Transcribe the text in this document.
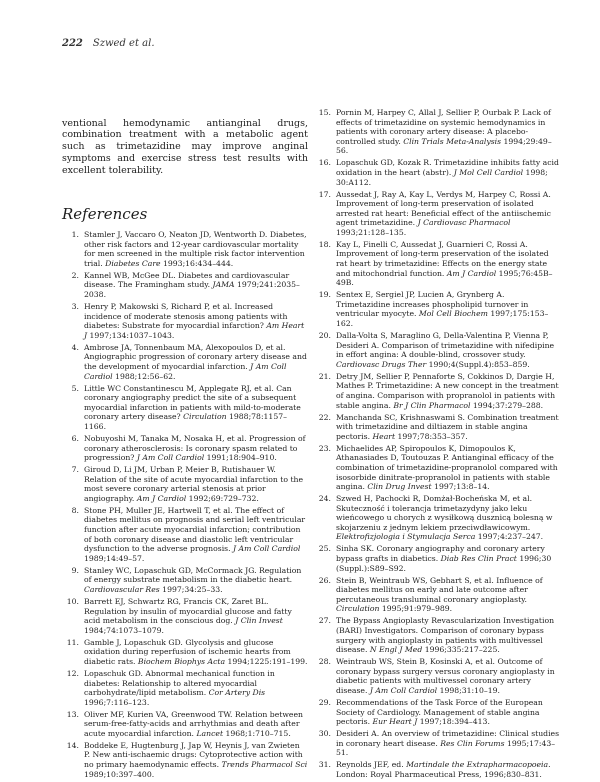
222 Szwed et al.

ventional hemodynamic antianginal drugs, combination treatment with a metabolic agent such as trimetazidine may improve anginal symptoms and exercise stress test results with excellent tolerability.

References
1. Stamler J, Vaccaro O, Neaton JD, Wentworth D. Diabetes, other risk factors and 12-year cardiovascular mortality for men screened in the multiple risk factor intervention trial. Diabetes Care 1993;16:434–444.
2. Kannel WB, McGee DL. Diabetes and cardiovascular disease. The Framingham study. JAMA 1979;241:2035–2038.
3. Henry P, Makowski S, Richard P, et al. Increased incidence of moderate stenosis among patients with diabetes: Substrate for myocardial infarction? Am Heart J 1997;134:1037–1043.
4. Ambrose JA, Tonnenbaum MA, Alexopoulos D, et al. Angiographic progression of coronary artery disease and the development of myocardial infarction. J Am Coll Cardiol 1988;12:56–62.
5. Little WC Constantinescu M, Applegate RJ, et al. Can coronary angiography predict the site of a subsequent myocardial infarction in patients with mild-to-moderate coronary artery disease? Circulation 1988;78:1157–1166.
6. Nobuyoshi M, Tanaka M, Nosaka H, et al. Progression of coronary atherosclerosis: Is coronary spasm related to progression? J Am Coll Cardiol 1991;18:904–910.
7. Giroud D, Li JM, Urban P, Meier B, Rutishauer W. Relation of the site of acute myocardial infarction to the most severe coronary arterial stenosis at prior angiography. Am J Cardiol 1992;69:729–732.
8. Stone PH, Muller JE, Hartwell T, et al. The effect of diabetes mellitus on prognosis and serial left ventricular function after acute myocardial infarction; contribution of both coronary disease and diastolic left ventricular dysfunction to the adverse prognosis. J Am Coll Cardiol 1989;14:49–57.
9. Stanley WC, Lopaschuk GD, McCormack JG. Regulation of energy substrate metabolism in the diabetic heart. Cardiovascular Res 1997;34:25–33.
10. Barrett EJ, Schwartz RG, Francis CK, Zaret BL. Regulation by insulin of myocardial glucose and fatty acid metabolism in the conscious dog. J Clin Invest 1984;74:1073–1079.
11. Gamble J, Lopaschuk GD. Glycolysis and glucose oxidation during reperfusion of ischemic hearts from diabetic rats. Biochem Biophys Acta 1994;1225:191–199.
12. Lopaschuk GD. Abnormal mechanical function in diabetes: Relationship to altered myocardial carbohydrate/lipid metabolism. Cor Artery Dis 1996;7:116–123.
13. Oliver MF, Kurien VA, Greenwood TW. Relation between serum-free-fatty-acids and arrhythmias and death after acute myocardial infarction. Lancet 1968;1:710–715.
14. Boddeke E, Hugtenburg J, Jap W, Heynis J, van Zwieten P. New anti-ischaemic drugs: Cytoprotective action with no primary haemodynamic effects. Trends Pharmacol Sci 1989;10:397–400.
15. Pornin M, Harpey C, Allal J, Sellier P, Ourbak P. Lack of effects of trimetazidine on systemic hemodynamics in patients with coronary artery disease: A placebo-controlled study. Clin Trials Meta-Analysis 1994;29:49–56.
16. Lopaschuk GD, Kozak R. Trimetazidine inhibits fatty acid oxidation in the heart (abstr). J Mol Cell Cardiol 1998; 30:A112.
17. Aussedat J, Ray A, Kay L, Verdys M, Harpey C, Rossi A. Improvement of long-term preservation of isolated arrested rat heart: Beneficial effect of the antiischemic agent trimetazidine. J Cardiovasc Pharmacol 1993;21:128–135.
18. Kay L, Finelli C, Aussedat J, Guarnieri C, Rossi A. Improvement of long-term preservation of the isolated rat heart by trimetazidine: Effects on the energy state and mitochondrial function. Am J Cardiol 1995;76:45B–49B.
19. Sentex E, Sergiel JP, Lucien A, Grynberg A. Trimetazidine increases phospholipid turnover in ventricular myocyte. Mol Cell Biochem 1997;175:153–162.
20. Dalla-Volta S, Maraglino G, Della-Valentina P, Vienna P, Desideri A. Comparison of trimetazidine with nifedipine in effort angina: A double-blind, crossover study. Cardiovasc Drugs Ther 1990;4(Suppl.4):853–859.
21. Detry JM, Sellier P, Pennaforte S, Cokkinos D, Dargie H, Mathes P. Trimetazidine: A new concept in the treatment of angina. Comparison with propranolol in patients with stable angina. Br J Clin Pharmacol 1994;37:279–288.
22. Manchanda SC, Krishnaswami S. Combination treatment with trimetazidine and diltiazem in stable angina pectoris. Heart 1997;78:353–357.
23. Michaelides AP, Spiropoulos K, Dimopoulos K, Athanasiades D, Toutouzas P. Antianginal efficacy of the combination of trimetazidine-propranolol compared with isosorbide dinitrate-propranolol in patients with stable angina. Clin Drug Invest 1997;13:8–14.
24. Szwed H, Pachocki R, Domżał-Bocheńska M, et al. Skuteczność i tolerancja trimetazydyny jako leku wieńcowego u chorych z wysiłkową dusznicą bolesną w skojarzeniu z jednym lekiem przeciwdławicowym. Elektrofizjologia i Stymulacja Serca 1997;4:237–247.
25. Sinha SK. Coronary angiography and coronary artery bypass grafts in diabetics. Diab Res Clin Pract 1996;30 (Suppl.):S89–S92.
26. Stein B, Weintraub WS, Gebhart S, et al. Influence of diabetes mellitus on early and late outcome after percutaneous transluminal coronary angioplasty. Circulation 1995;91:979–989.
27. The Bypass Angioplasty Revascularization Investigation (BARI) Investigators. Comparison of coronary bypass surgery with angioplasty in patients with multivessel disease. N Engl J Med 1996;335:217–225.
28. Weintraub WS, Stein B, Kosinski A, et al. Outcome of coronary bypass surgery versus coronary angioplasty in diabetic patients with multivessel coronary artery disease. J Am Coll Cardiol 1998;31:10–19.
29. Recommendations of the Task Force of the European Society of Cardiology. Management of stable angina pectoris. Eur Heart J 1997;18:394–413.
30. Desideri A. An overview of trimetazidine: Clinical studies in coronary heart disease. Res Clin Forums 1995;17:43–51.
31. Reynolds JEF, ed. Martindale the Extrapharmacopoeia. London: Royal Pharmaceutical Press, 1996;830–831.
